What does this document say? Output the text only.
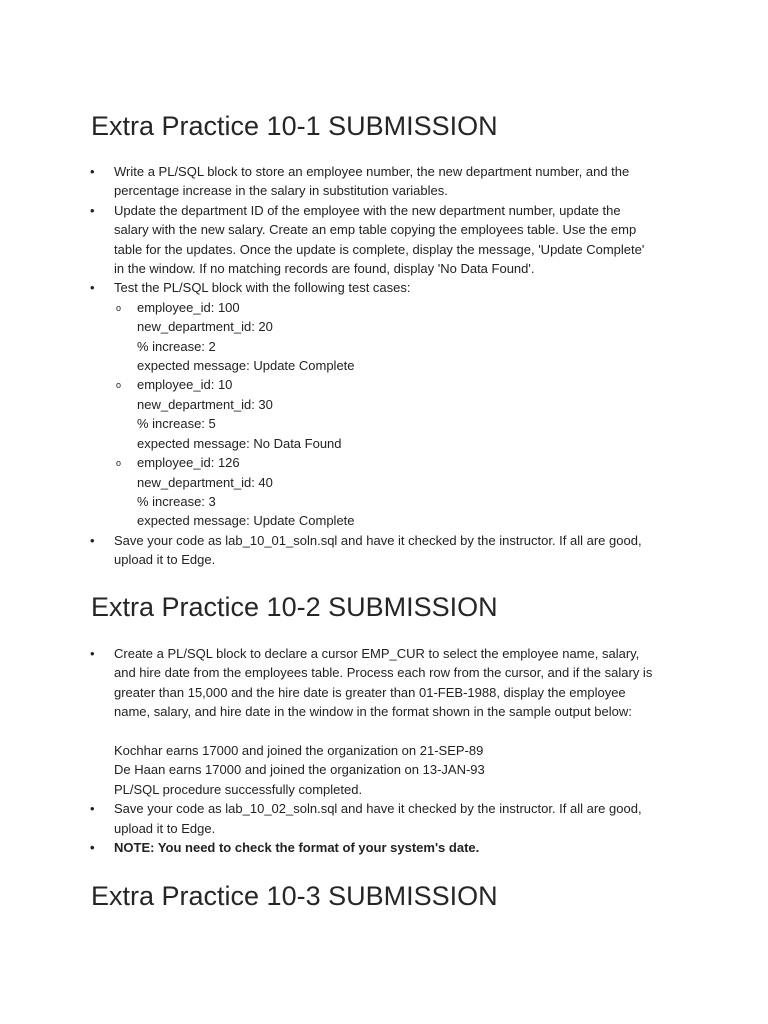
Extra Practice 10-1 SUBMISSION
• Write a PL/SQL block to store an employee number, the new department number, and the percentage increase in the salary in substitution variables.
• Update the department ID of the employee with the new department number, update the salary with the new salary. Create an emp table copying the employees table. Use the emp table for the updates. Once the update is complete, display the message, 'Update Complete' in the window. If no matching records are found, display 'No Data Found'.
• Test the PL/SQL block with the following test cases:
o employee_id: 100
new_department_id: 20
% increase: 2
expected message: Update Complete
o employee_id: 10
new_department_id: 30
% increase: 5
expected message: No Data Found
o employee_id: 126
new_department_id: 40
% increase: 3
expected message: Update Complete
• Save your code as lab_10_01_soln.sql and have it checked by the instructor. If all are good, upload it to Edge.
Extra Practice 10-2 SUBMISSION
• Create a PL/SQL block to declare a cursor EMP_CUR to select the employee name, salary, and hire date from the employees table. Process each row from the cursor, and if the salary is greater than 15,000 and the hire date is greater than 01-FEB-1988, display the employee name, salary, and hire date in the window in the format shown in the sample output below:
Kochhar earns 17000 and joined the organization on 21-SEP-89
De Haan earns 17000 and joined the organization on 13-JAN-93
PL/SQL procedure successfully completed.
• Save your code as lab_10_02_soln.sql and have it checked by the instructor. If all are good, upload it to Edge.
• NOTE: You need to check the format of your system's date.
Extra Practice 10-3 SUBMISSION
